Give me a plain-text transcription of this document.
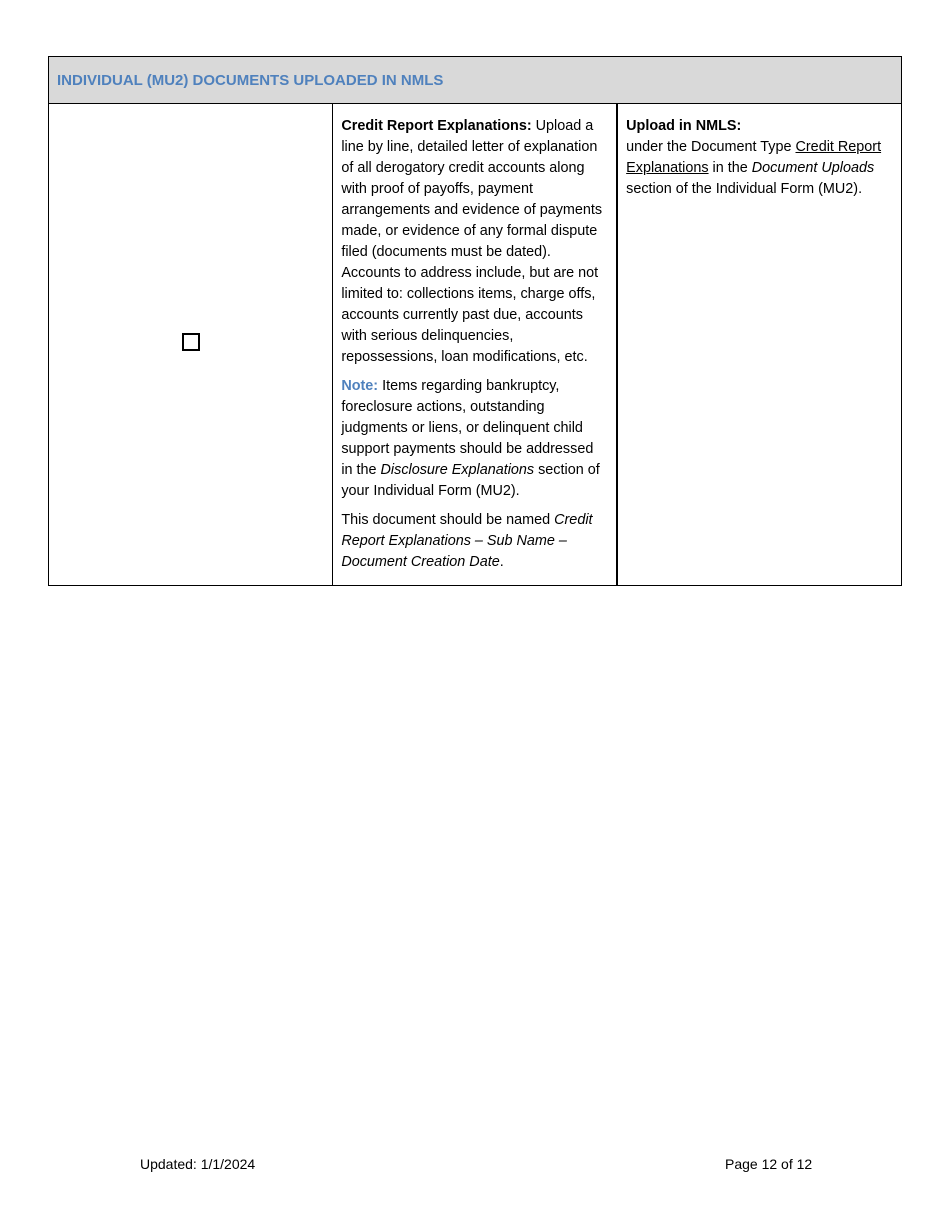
INDIVIDUAL (MU2) DOCUMENTS UPLOADED IN NMLS

Credit Report Explanations: Upload a line by line, detailed letter of explanation of all derogatory credit accounts along with proof of payoffs, payment arrangements and evidence of payments made, or evidence of any formal dispute filed (documents must be dated). Accounts to address include, but are not limited to: collections items, charge offs, accounts currently past due, accounts with serious delinquencies, repossessions, loan modifications, etc.

Note: Items regarding bankruptcy, foreclosure actions, outstanding judgments or liens, or delinquent child support payments should be addressed in the Disclosure Explanations section of your Individual Form (MU2).

This document should be named Credit Report Explanations – Sub Name – Document Creation Date.

	Upload in NMLS:
under the Document Type Credit Report Explanations in the Document Uploads section of the Individual Form (MU2).
Updated: 1/1/2024	Page 12 of 12
